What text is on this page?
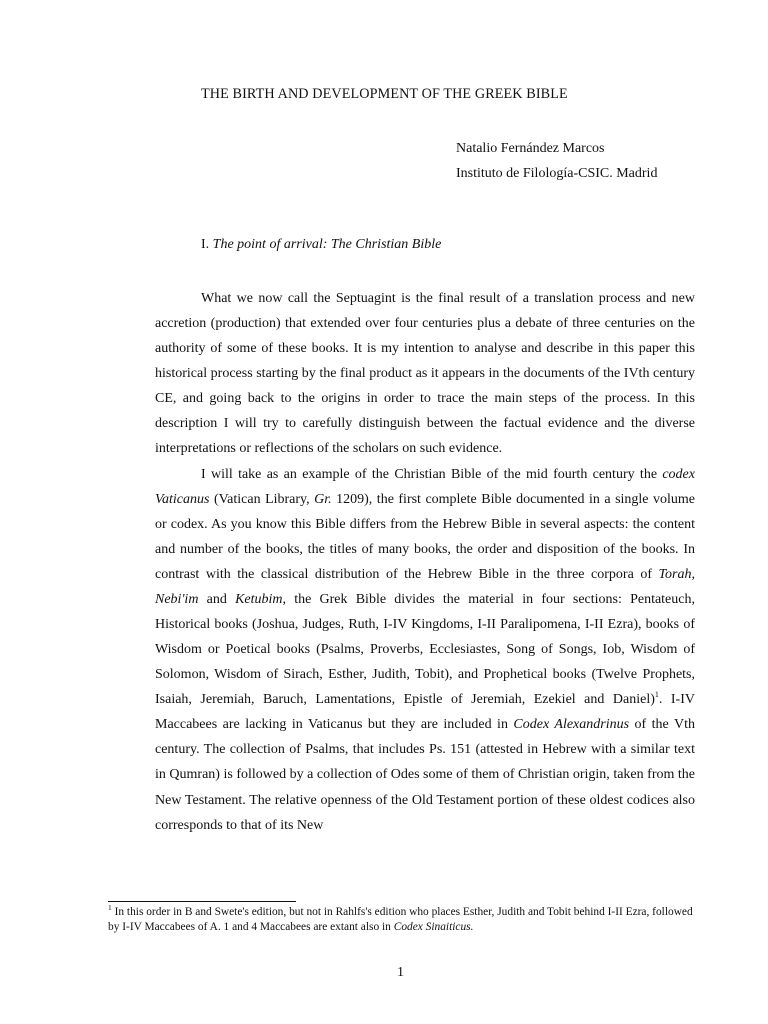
THE BIRTH AND DEVELOPMENT OF THE GREEK BIBLE
Natalio Fernández Marcos
Instituto de Filología-CSIC. Madrid
I. The point of arrival: The Christian Bible

What we now call the Septuagint is the final result of a translation process and new accretion (production) that extended over four centuries plus a debate of three centuries on the authority of some of these books. It is my intention to analyse and describe in this paper this historical process starting by the final product as it appears in the documents of the IVth century CE, and going back to the origins in order to trace the main steps of the process. In this description I will try to carefully distinguish between the factual evidence and the diverse interpretations or reflections of the scholars on such evidence.

I will take as an example of the Christian Bible of the mid fourth century the codex Vaticanus (Vatican Library, Gr. 1209), the first complete Bible documented in a single volume or codex. As you know this Bible differs from the Hebrew Bible in several aspects: the content and number of the books, the titles of many books, the order and disposition of the books. In contrast with the classical distribution of the Hebrew Bible in the three corpora of Torah, Nebi'im and Ketubim, the Grek Bible divides the material in four sections: Pentateuch, Historical books (Joshua, Judges, Ruth, I-IV Kingdoms, I-II Paralipomena, I-II Ezra), books of Wisdom or Poetical books (Psalms, Proverbs, Ecclesiastes, Song of Songs, Iob, Wisdom of Solomon, Wisdom of Sirach, Esther, Judith, Tobit), and Prophetical books (Twelve Prophets, Isaiah, Jeremiah, Baruch, Lamentations, Epistle of Jeremiah, Ezekiel and Daniel)$^1$. I-IV Maccabees are lacking in Vaticanus but they are included in Codex Alexandrinus of the Vth century. The collection of Psalms, that includes Ps. 151 (attested in Hebrew with a similar text in Qumran) is followed by a collection of Odes some of them of Christian origin, taken from the New Testament. The relative openness of the Old Testament portion of these oldest codices also corresponds to that of its New

$^1$ In this order in B and Swete's edition, but not in Rahlfs's edition who places Esther, Judith and Tobit behind I-II Ezra, followed by I-IV Maccabees of A. 1 and 4 Maccabees are extant also in Codex Sinaiticus.
1
